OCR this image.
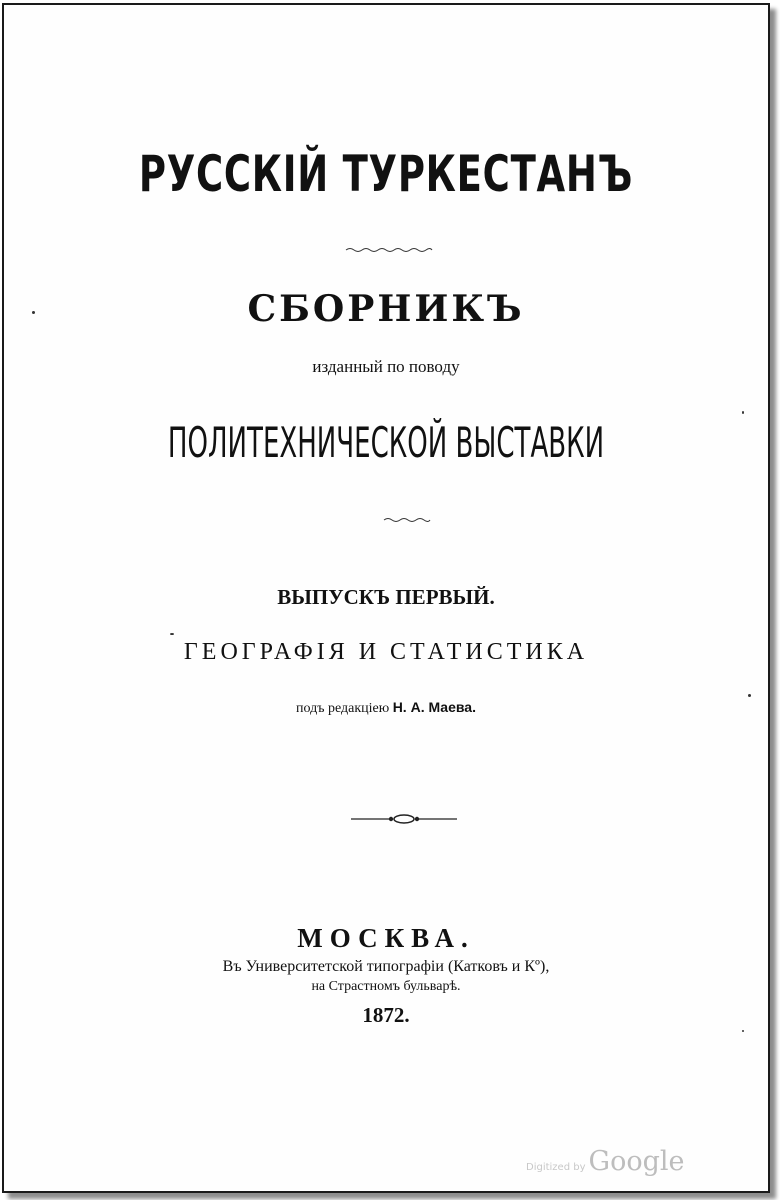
РУССКІЙ ТУРКЕСТАНЪ
СБОРНИКЪ
изданный по поводу
ПОЛИТЕХНИЧЕСКОЙ ВЫСТАВКИ
ВЫПУСКЪ ПЕРВЫЙ.
ГЕОГРАФІЯ И СТАТИСТИКА
подъ редакціею Н. А. Маева.
МОСКВА.
Въ Университетской типографіи (Катковъ и Кº),
на Страстномъ бульварѣ.
1872.
Digitized by Google
